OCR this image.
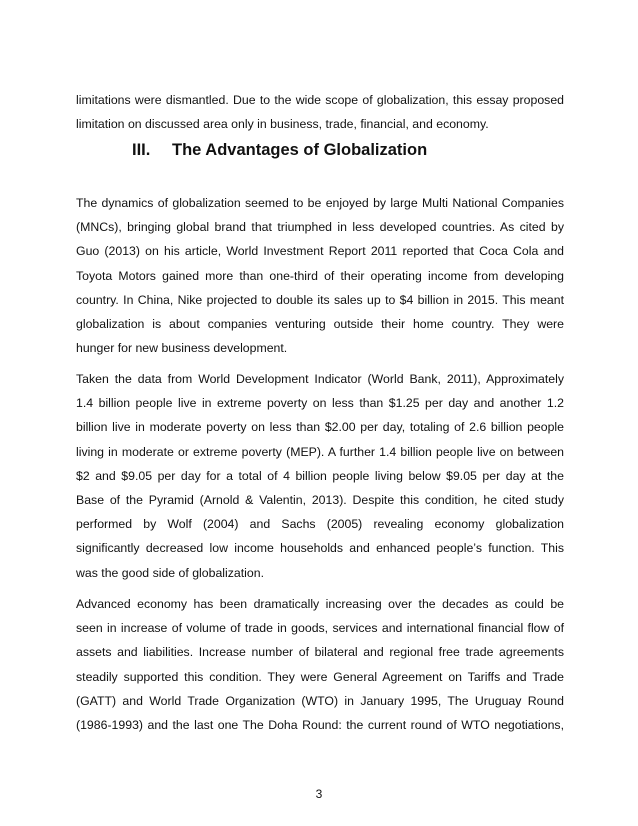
limitations were dismantled. Due to the wide scope of globalization, this essay proposed
limitation on discussed area only in business, trade, financial, and economy.

III. The Advantages of Globalization

The dynamics of globalization seemed to be enjoyed by large Multi National Companies
(MNCs), bringing global brand that triumphed in less developed countries. As cited by
Guo (2013) on his article, World Investment Report 2011 reported that Coca Cola and
Toyota Motors gained more than one-third of their operating income from developing
country. In China, Nike projected to double its sales up to $4 billion in 2015. This meant
globalization is about companies venturing outside their home country. They were
hunger for new business development.

Taken the data from World Development Indicator (World Bank, 2011), Approximately
1.4 billion people live in extreme poverty on less than $1.25 per day and another 1.2
billion live in moderate poverty on less than $2.00 per day, totaling of 2.6 billion people
living in moderate or extreme poverty (MEP). A further 1.4 billion people live on between
$2 and $9.05 per day for a total of 4 billion people living below $9.05 per day at the
Base of the Pyramid (Arnold & Valentin, 2013). Despite this condition, he cited study
performed by Wolf (2004) and Sachs (2005) revealing economy globalization
significantly decreased low income households and enhanced people’s function. This
was the good side of globalization.

Advanced economy has been dramatically increasing over the decades as could be
seen in increase of volume of trade in goods, services and international financial flow of
assets and liabilities. Increase number of bilateral and regional free trade agreements
steadily supported this condition. They were General Agreement on Tariffs and Trade
(GATT) and World Trade Organization (WTO) in January 1995, The Uruguay Round
(1986-1993) and the last one The Doha Round: the current round of WTO negotiations,

3
